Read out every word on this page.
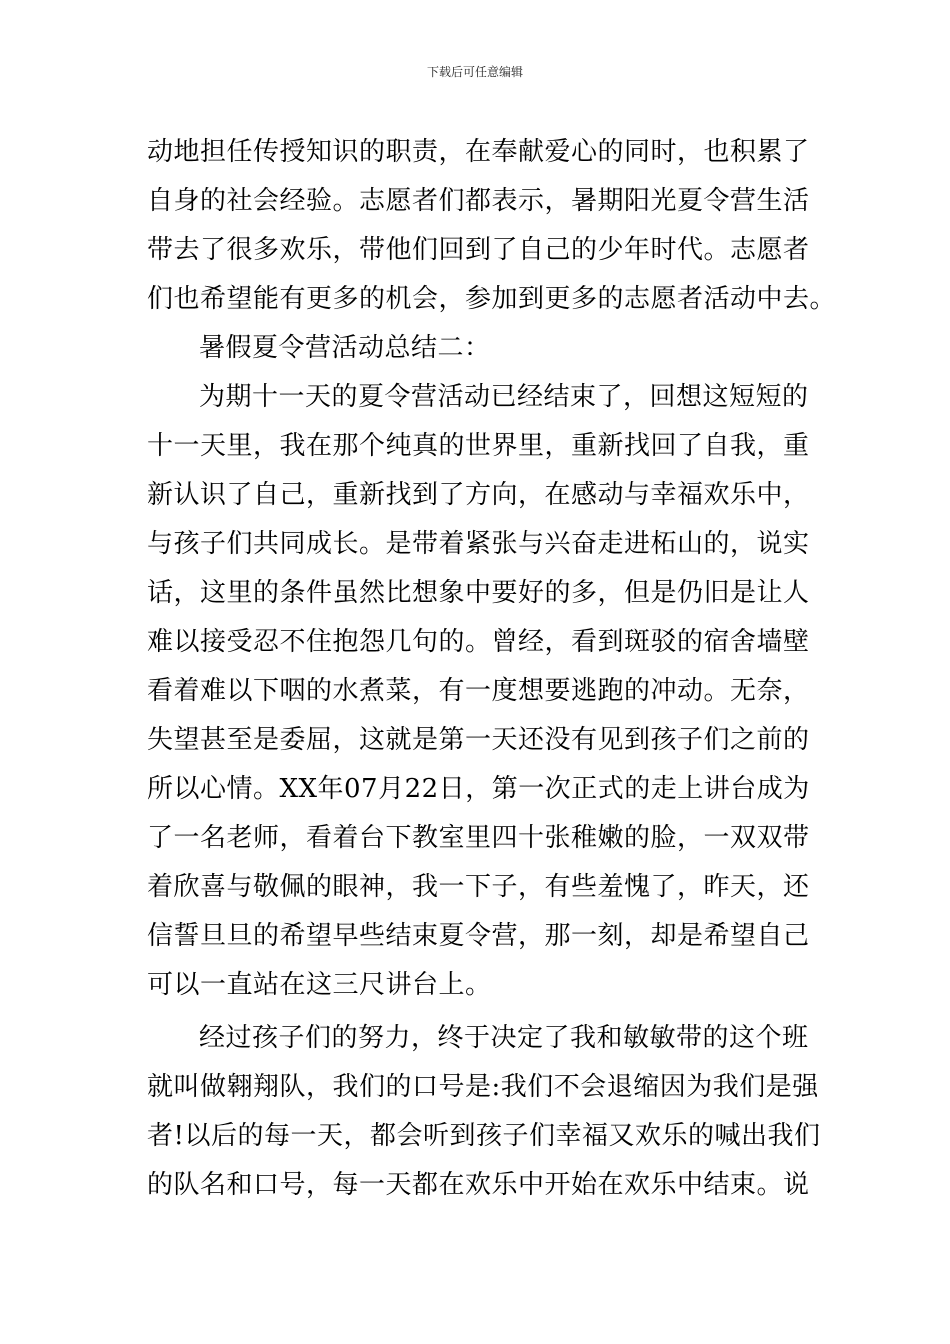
下载后可任意编辑
动地担任传授知识的职责，在奉献爱心的同时，也积累了
自身的社会经验。志愿者们都表示，暑期阳光夏令营生活
带去了很多欢乐，带他们回到了自己的少年时代。志愿者
们也希望能有更多的机会，参加到更多的志愿者活动中去。
暑假夏令营活动总结二：
为期十一天的夏令营活动已经结束了，回想这短短的
十一天里，我在那个纯真的世界里，重新找回了自我，重
新认识了自己，重新找到了方向，在感动与幸福欢乐中，
与孩子们共同成长。是带着紧张与兴奋走进柘山的，说实
话，这里的条件虽然比想象中要好的多，但是仍旧是让人
难以接受忍不住抱怨几句的。曾经，看到斑驳的宿舍墙壁
看着难以下咽的水煮菜，有一度想要逃跑的冲动。无奈，
失望甚至是委屈，这就是第一天还没有见到孩子们之前的
所以心情。XX年07月22日，第一次正式的走上讲台成为
了一名老师，看着台下教室里四十张稚嫩的脸，一双双带
着欣喜与敬佩的眼神，我一下子，有些羞愧了，昨天，还
信誓旦旦的希望早些结束夏令营，那一刻，却是希望自己
可以一直站在这三尺讲台上。
经过孩子们的努力，终于决定了我和敏敏带的这个班
就叫做翱翔队，我们的口号是:我们不会退缩因为我们是强
者!以后的每一天，都会听到孩子们幸福又欢乐的喊出我们
的队名和口号，每一天都在欢乐中开始在欢乐中结束。说
